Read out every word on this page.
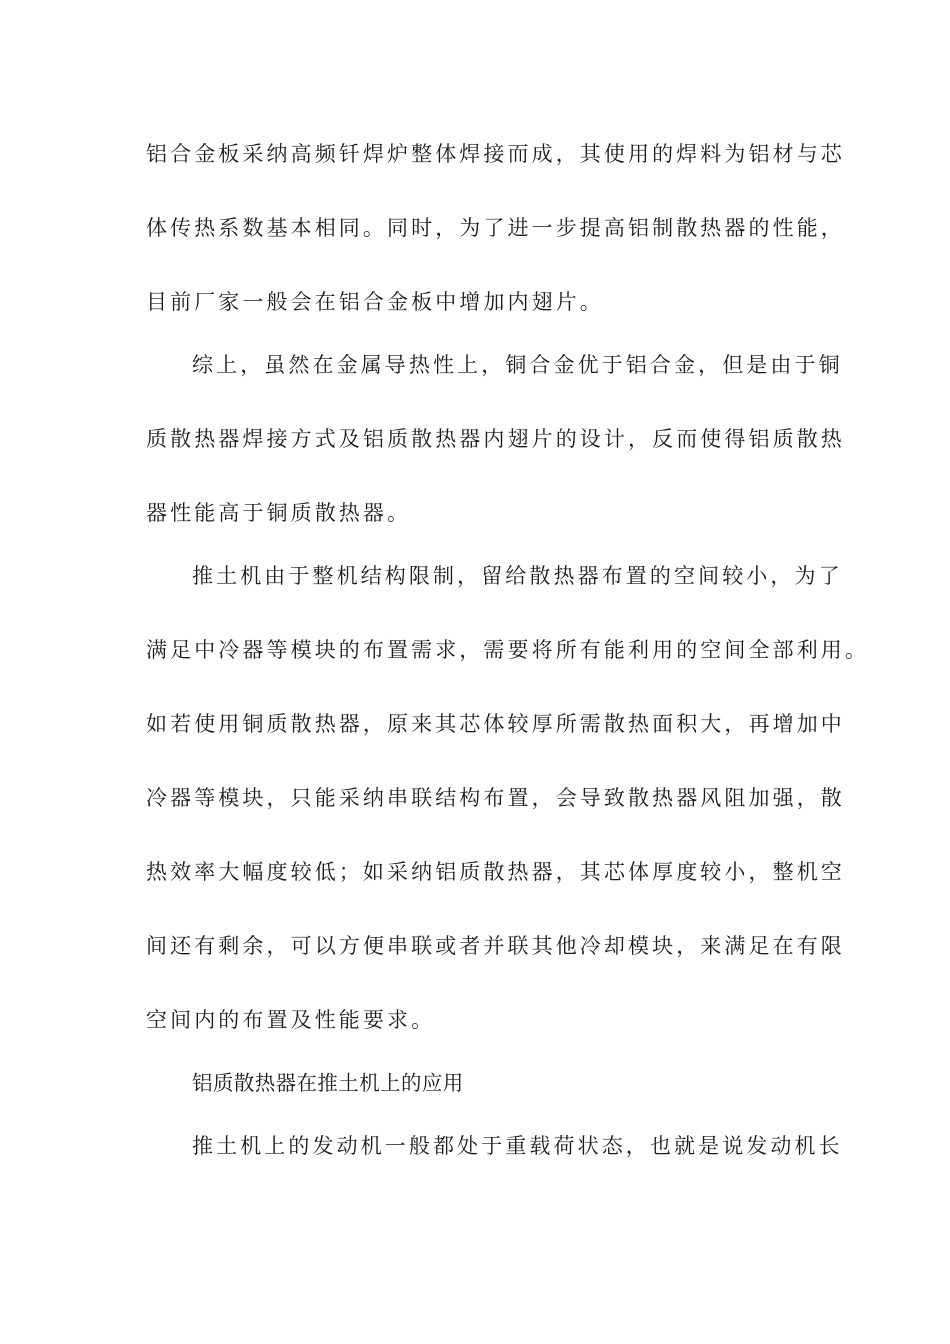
铝合金板采纳高频钎焊炉整体焊接而成，其使用的焊料为铝材与芯
体传热系数基本相同。同时，为了进一步提高铝制散热器的性能，
目前厂家一般会在铝合金板中增加内翅片。
综上，虽然在金属导热性上，铜合金优于铝合金，但是由于铜
质散热器焊接方式及铝质散热器内翅片的设计，反而使得铝质散热
器性能高于铜质散热器。
推土机由于整机结构限制，留给散热器布置的空间较小，为了
满足中冷器等模块的布置需求，需要将所有能利用的空间全部利用。
如若使用铜质散热器，原来其芯体较厚所需散热面积大，再增加中
冷器等模块，只能采纳串联结构布置，会导致散热器风阻加强，散
热效率大幅度较低；如采纳铝质散热器，其芯体厚度较小，整机空
间还有剩余，可以方便串联或者并联其他冷却模块，来满足在有限
空间内的布置及性能要求。
铝质散热器在推土机上的应用
推土机上的发动机一般都处于重载荷状态，也就是说发动机长
